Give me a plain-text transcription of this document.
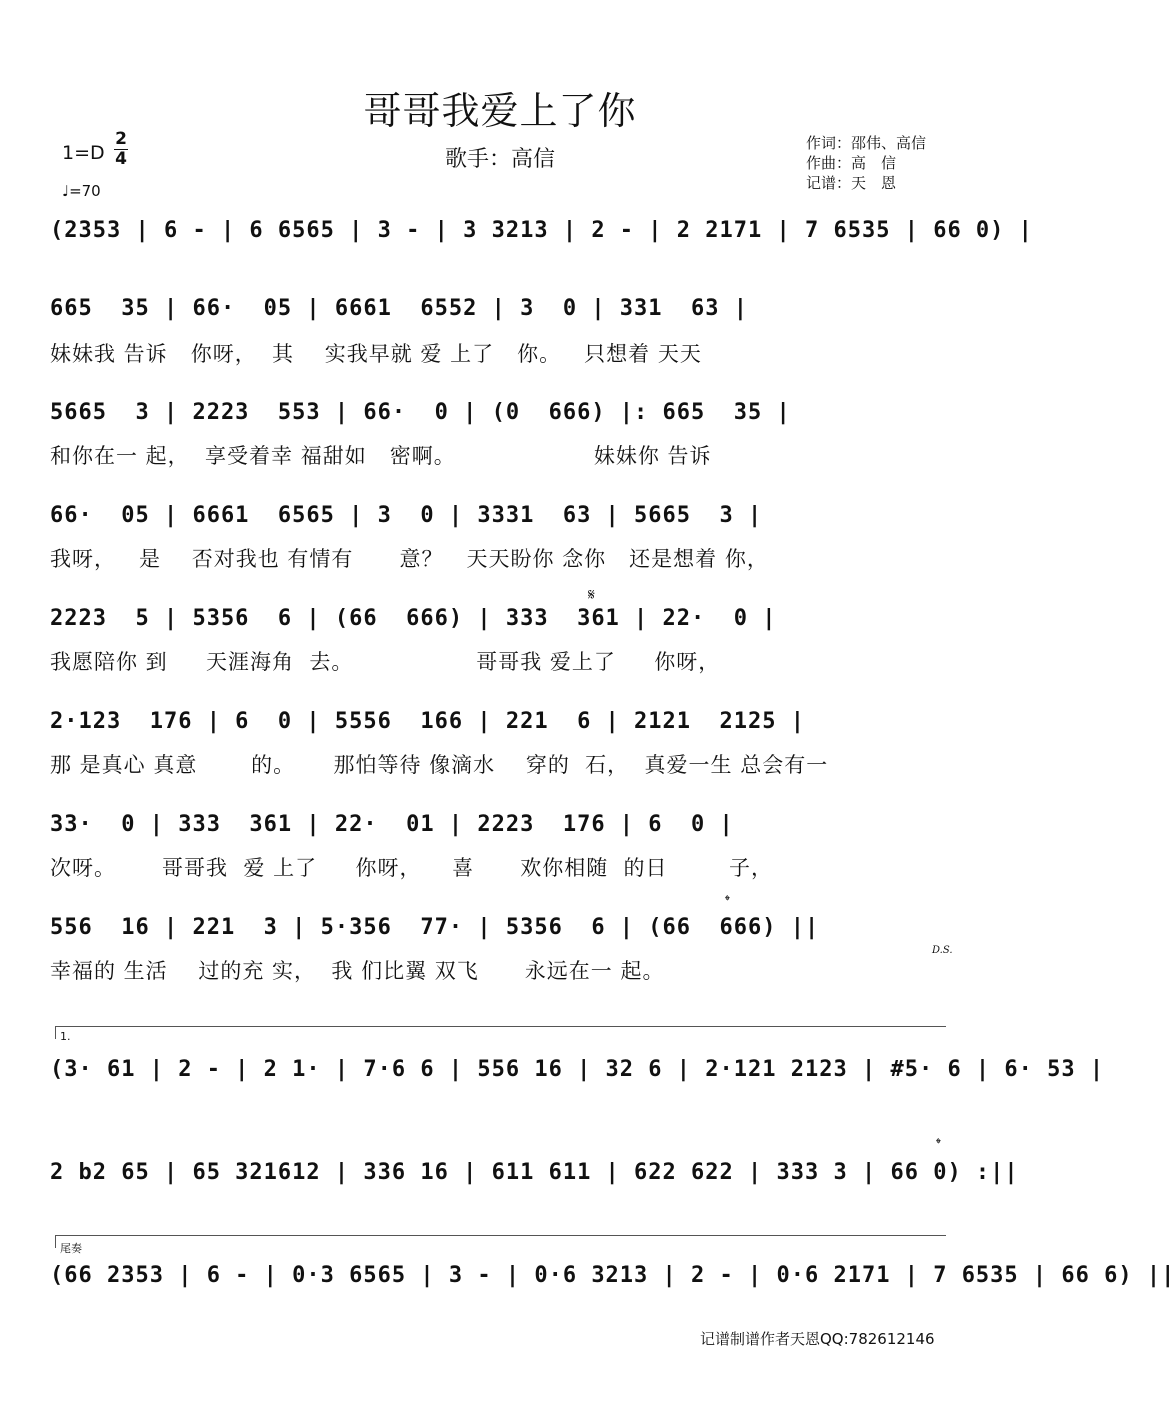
哥哥我爱上了你
1=D
2
4
♩=70
歌手：高信
作词：邵伟、高信
作曲：高　信
记谱：天　恩
(2353 | 6 - | 6 6565 | 3 - | 3 3213 | 2 - | 2 2171 | 7 6535 | 66 0) |
665  35 | 66·  05 | 6661  6552 | 3  0 | 331  63 |
妹妹我 告诉   你呀，  其    实我早就 爱 上了   你。   只想着 天天
5665  3 | 2223  553 | 66·  0 | (0  666) |: 665  35 |
和你在一 起，  享受着幸 福甜如   密啊。                  妹妹你 告诉
66·  05 | 6661  6565 | 3  0 | 3331  63 | 5665  3 |
我呀，   是    否对我也 有情有      意？   天天盼你 念你   还是想着 你，
𝄋
2223  5 | 5356  6 | (66  666) | 333  361 | 22·  0 |
我愿陪你 到     天涯海角  去。                哥哥我 爱上了     你呀，
2·123  176 | 6  0 | 5556  166 | 221  6 | 2121  2125 |
那 是真心 真意       的。     那怕等待 像滴水    穿的  石，  真爱一生 总会有一
33·  0 | 333  361 | 22·  01 | 2223  176 | 6  0 |
次呀。      哥哥我  爱 上了     你呀，    喜      欢你相随  的日        子，
𝄌
556  16 | 221  3 | 5·356  77· | 5356  6 | (66  666) ||
幸福的 生活    过的充 实，  我 们比翼 双飞      永远在一 起。
D.S.
1.
(3· 61 | 2 - | 2 1· | 7·6 6 | 556 16 | 32 6 | 2·121 2123 | #5· 6 | 6· 53 |
𝄌
2 b2 65 | 65 321612 | 336 16 | 611 611 | 622 622 | 333 3 | 66 0) :||
尾奏
(66 2353 | 6 - | 0·3 6565 | 3 - | 0·6 3213 | 2 - | 0·6 2171 | 7 6535 | 66 6) ||
记谱制谱作者天恩QQ:782612146
